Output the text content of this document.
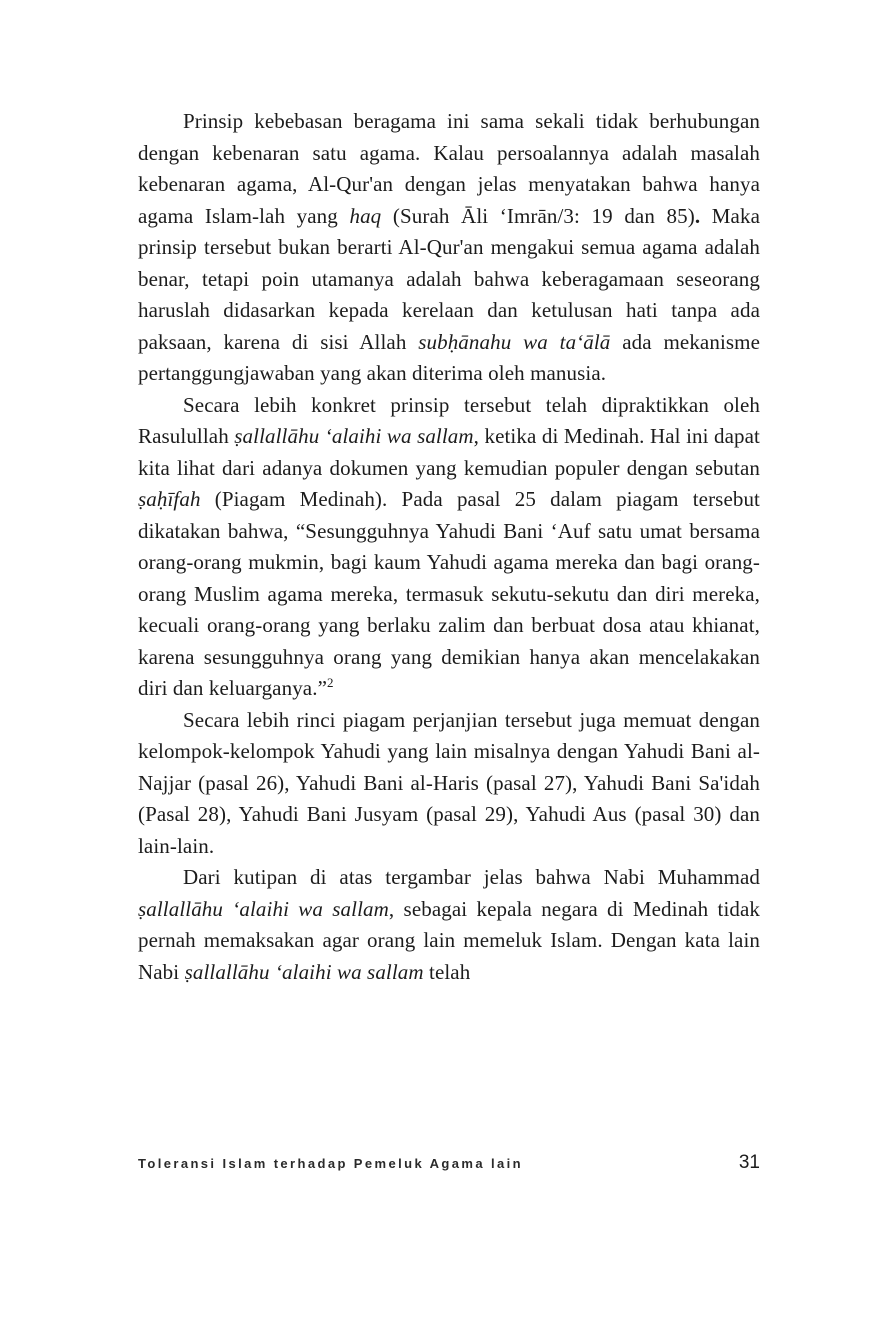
Prinsip kebebasan beragama ini sama sekali tidak berhubungan dengan kebenaran satu agama. Kalau persoalannya adalah masalah kebenaran agama, Al-Qur'an dengan jelas menyatakan bahwa hanya agama Islam-lah yang haq (Surah Āli ‘Imrān/3: 19 dan 85). Maka prinsip tersebut bukan berarti Al-Qur'an mengakui semua agama adalah benar, tetapi poin utamanya adalah bahwa keberagamaan seseorang haruslah didasarkan kepada kerelaan dan ketulusan hati tanpa ada paksaan, karena di sisi Allah subḥānahu wa ta‘ālā ada mekanisme pertanggungjawaban yang akan diterima oleh manusia.

Secara lebih konkret prinsip tersebut telah dipraktikkan oleh Rasulullah ṣallallāhu ‘alaihi wa sallam, ketika di Medinah. Hal ini dapat kita lihat dari adanya dokumen yang kemudian populer dengan sebutan ṣaḥīfah (Piagam Medinah). Pada pasal 25 dalam piagam tersebut dikatakan bahwa, “Sesungguhnya Yahudi Bani ‘Auf satu umat bersama orang-orang mukmin, bagi kaum Yahudi agama mereka dan bagi orang-orang Muslim agama mereka, termasuk sekutu-sekutu dan diri mereka, kecuali orang-orang yang berlaku zalim dan berbuat dosa atau khianat, karena sesungguhnya orang yang demikian hanya akan mencelakakan diri dan keluarganya.”$^2$

Secara lebih rinci piagam perjanjian tersebut juga memuat dengan kelompok-kelompok Yahudi yang lain misalnya dengan Yahudi Bani al-Najjar (pasal 26), Yahudi Bani al-Haris (pasal 27), Yahudi Bani Sa'idah (Pasal 28), Yahudi Bani Jusyam (pasal 29), Yahudi Aus (pasal 30) dan lain-lain.

Dari kutipan di atas tergambar jelas bahwa Nabi Muhammad ṣallallāhu ‘alaihi wa sallam, sebagai kepala negara di Medinah tidak pernah memaksakan agar orang lain memeluk Islam. Dengan kata lain Nabi ṣallallāhu ‘alaihi wa sallam telah

Toleransi Islam terhadap Pemeluk Agama lain	31
